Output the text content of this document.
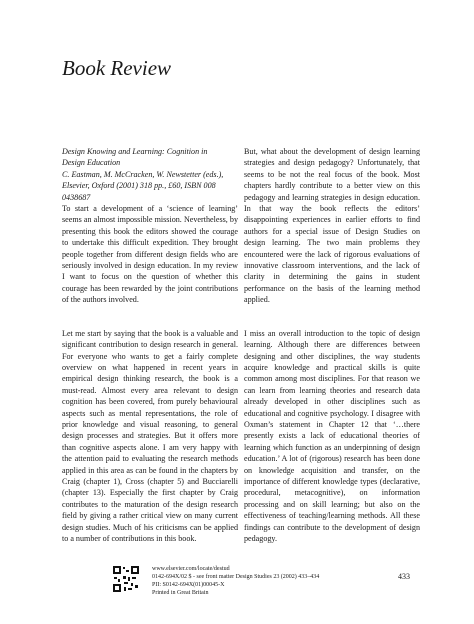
Book Review

Design Knowing and Learning: Cognition in
Design Education
C. Eastman, M. McCracken, W. Newstetter (eds.),
Elsevier, Oxford (2001) 318 pp., £60, ISBN 008
0438687

To start a development of a ‘science of learning’ seems an almost impossible mission. Nevertheless, by presenting this book the editors showed the courage to undertake this difficult expedition. They brought people together from different design fields who are seriously involved in design education. In my review I want to focus on the question of whether this courage has been rewarded by the joint contributions of the authors involved.

Let me start by saying that the book is a valuable and significant contribution to design research in general. For everyone who wants to get a fairly complete overview on what happened in recent years in empirical design thinking research, the book is a must-read. Almost every area relevant to design cognition has been covered, from purely behavioural aspects such as mental representations, the role of prior knowledge and visual reasoning, to general design processes and strategies. But it offers more than cognitive aspects alone. I am very happy with the attention paid to evaluating the research methods applied in this area as can be found in the chapters by Craig (chapter 1), Cross (chapter 5) and Bucciarelli (chapter 13). Especially the first chapter by Craig contributes to the maturation of the design research field by giving a rather critical view on many current design studies. Much of his criticisms can be applied to a number of contributions in this book.

But, what about the development of design learning strategies and design pedagogy? Unfortunately, that seems to be not the real focus of the book. Most chapters hardly contribute to a better view on this pedagogy and learning strategies in design education. In that way the book reflects the editors’ disappointing experiences in earlier efforts to find authors for a special issue of Design Studies on design learning. The two main problems they encountered were the lack of rigorous evaluations of innovative classroom interventions, and the lack of clarity in determining the gains in student performance on the basis of the learning method applied.

I miss an overall introduction to the topic of design learning. Although there are differences between designing and other disciplines, the way students acquire knowledge and practical skills is quite common among most disciplines. For that reason we can learn from learning theories and research data already developed in other disciplines such as educational and cognitive psychology. I disagree with Oxman’s statement in Chapter 12 that ‘…there presently exists a lack of educational theories of learning which function as an underpinning of design education.’ A lot of (rigorous) research has been done on knowledge acquisition and transfer, on the importance of different knowledge types (declarative, procedural, metacognitive), on information processing and on skill learning; but also on the effectiveness of teaching/learning methods. All these findings can contribute to the development of design pedagogy.

www.elsevier.com/locate/destud
0142-694X/02 $ - see front matter Design Studies 23 (2002) 433–434
PII: S0142-694X(01)00045-X
Printed in Great Britain
433
